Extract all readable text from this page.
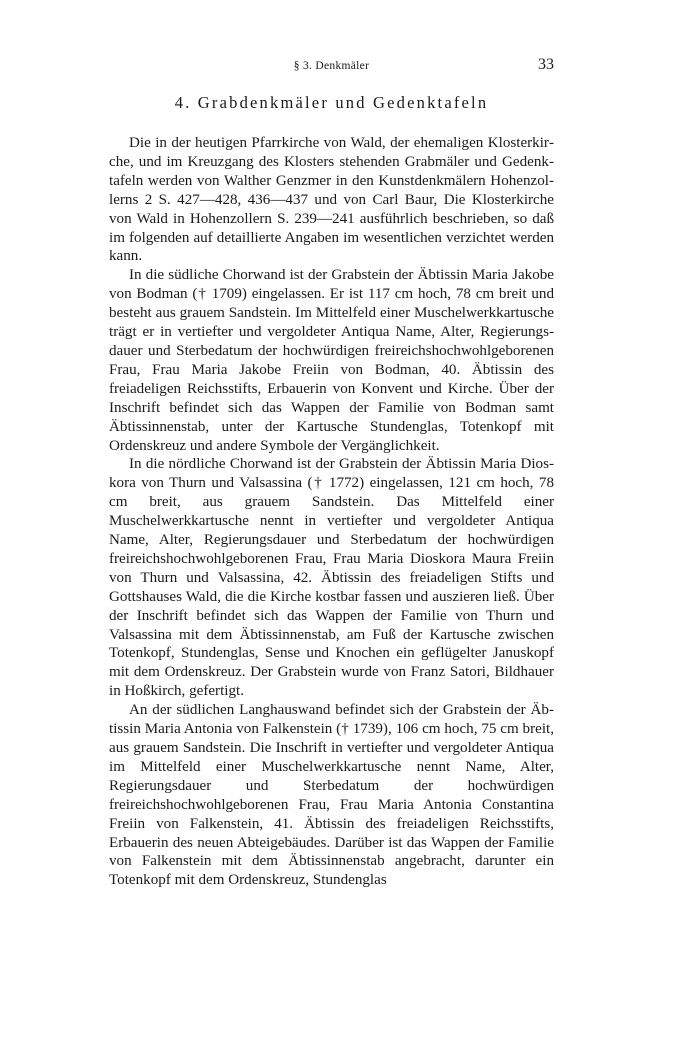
§ 3. Denkmäler	33
4. Grabdenkmäler und Gedenktafeln

Die in der heutigen Pfarrkirche von Wald, der ehemaligen Klosterkirche, und im Kreuzgang des Klosters stehenden Grabmäler und Gedenktafeln werden von Walther Genzmer in den Kunstdenkmälern Hohenzollerns 2 S. 427—428, 436—437 und von Carl Baur, Die Klosterkirche von Wald in Hohenzollern S. 239—241 ausführlich beschrieben, so daß im folgenden auf detaillierte Angaben im wesentlichen verzichtet werden kann.

In die südliche Chorwand ist der Grabstein der Äbtissin Maria Jakobe von Bodman († 1709) eingelassen. Er ist 117 cm hoch, 78 cm breit und besteht aus grauem Sandstein. Im Mittelfeld einer Muschelwerkkartusche trägt er in vertiefter und vergoldeter Antiqua Name, Alter, Regierungsdauer und Sterbedatum der hochwürdigen freireichshochwohlgeborenen Frau, Frau Maria Jakobe Freiin von Bodman, 40. Äbtissin des freiadeligen Reichsstifts, Erbauerin von Konvent und Kirche. Über der Inschrift befindet sich das Wappen der Familie von Bodman samt Äbtissinnenstab, unter der Kartusche Stundenglas, Totenkopf mit Ordenskreuz und andere Symbole der Vergänglichkeit.

In die nördliche Chorwand ist der Grabstein der Äbtissin Maria Dioskora von Thurn und Valsassina († 1772) eingelassen, 121 cm hoch, 78 cm breit, aus grauem Sandstein. Das Mittelfeld einer Muschelwerkkartusche nennt in vertiefter und vergoldeter Antiqua Name, Alter, Regierungsdauer und Sterbedatum der hochwürdigen freireichshochwohlgeborenen Frau, Frau Maria Dioskora Maura Freiin von Thurn und Valsassina, 42. Äbtissin des freiadeligen Stifts und Gottshauses Wald, die die Kirche kostbar fassen und auszieren ließ. Über der Inschrift befindet sich das Wappen der Familie von Thurn und Valsassina mit dem Äbtissinnenstab, am Fuß der Kartusche zwischen Totenkopf, Stundenglas, Sense und Knochen ein geflügelter Januskopf mit dem Ordenskreuz. Der Grabstein wurde von Franz Satori, Bildhauer in Hoßkirch, gefertigt.

An der südlichen Langhauswand befindet sich der Grabstein der Äbtissin Maria Antonia von Falkenstein († 1739), 106 cm hoch, 75 cm breit, aus grauem Sandstein. Die Inschrift in vertiefter und vergoldeter Antiqua im Mittelfeld einer Muschelwerkkartusche nennt Name, Alter, Regierungsdauer und Sterbedatum der hochwürdigen freireichshochwohlgeborenen Frau, Frau Maria Antonia Constantina Freiin von Falkenstein, 41. Äbtissin des freiadeligen Reichsstifts, Erbauerin des neuen Abteigebäudes. Darüber ist das Wappen der Familie von Falkenstein mit dem Äbtissinnenstab angebracht, darunter ein Totenkopf mit dem Ordenskreuz, Stundenglas
